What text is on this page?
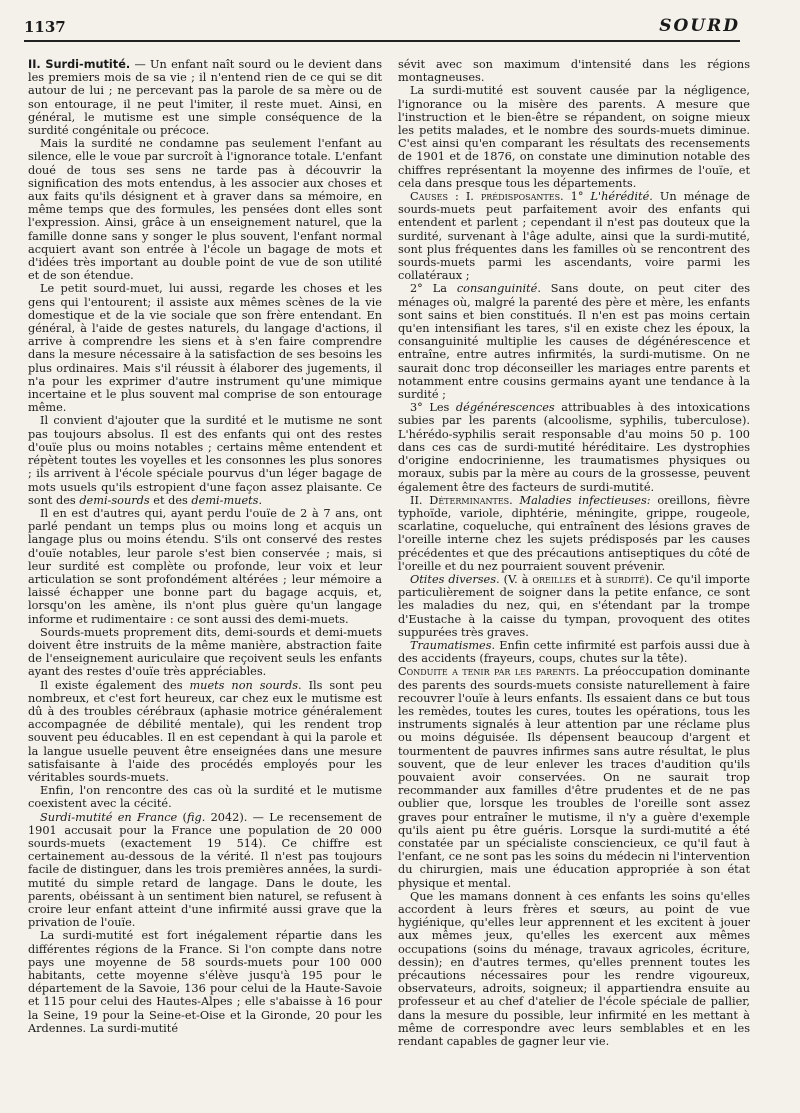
1137	SOURD

II. Surdi-mutité. — Un enfant naît sourd ou le devient dans les premiers mois de sa vie ; il n'entend rien de ce qui se dit autour de lui ; ne percevant pas la parole de sa mère ou de son entourage, il ne peut l'imiter, il reste muet. Ainsi, en général, le mutisme est une simple conséquence de la surdité congénitale ou précoce.

Mais la surdité ne condamne pas seulement l'enfant au silence, elle le voue par surcroît à l'ignorance totale. L'enfant doué de tous ses sens ne tarde pas à découvrir la signification des mots entendus, à les associer aux choses et aux faits qu'ils désignent et à graver dans sa mémoire, en même temps que des formules, les pensées dont elles sont l'expression. Ainsi, grâce à un enseignement naturel, que la famille donne sans y songer le plus souvent, l'enfant normal acquiert avant son entrée à l'école un bagage de mots et d'idées très important au double point de vue de son utilité et de son étendue.

Le petit sourd-muet, lui aussi, regarde les choses et les gens qui l'entourent; il assiste aux mêmes scènes de la vie domestique et de la vie sociale que son frère entendant. En général, à l'aide de gestes naturels, du langage d'actions, il arrive à comprendre les siens et à s'en faire comprendre dans la mesure nécessaire à la satisfaction de ses besoins les plus ordinaires. Mais s'il réussit à élaborer des jugements, il n'a pour les exprimer d'autre instrument qu'une mimique incertaine et le plus souvent mal comprise de son entourage même.

Il convient d'ajouter que la surdité et le mutisme ne sont pas toujours absolus. Il est des enfants qui ont des restes d'ouïe plus ou moins notables ; certains même entendent et répètent toutes les voyelles et les consonnes les plus sonores ; ils arrivent à l'école spéciale pourvus d'un léger bagage de mots usuels qu'ils estropient d'une façon assez plaisante. Ce sont des demi-sourds et des demi-muets.

Il en est d'autres qui, ayant perdu l'ouïe de 2 à 7 ans, ont parlé pendant un temps plus ou moins long et acquis un langage plus ou moins étendu. S'ils ont conservé des restes d'ouïe notables, leur parole s'est bien conservée ; mais, si leur surdité est complète ou profonde, leur voix et leur articulation se sont profondément altérées ; leur mémoire a laissé échapper une bonne part du bagage acquis, et, lorsqu'on les amène, ils n'ont plus guère qu'un langage informe et rudimentaire : ce sont aussi des demi-muets.

Sourds-muets proprement dits, demi-sourds et demi-muets doivent être instruits de la même manière, abstraction faite de l'enseignement auriculaire que reçoivent seuls les enfants ayant des restes d'ouïe très appréciables.

Il existe également des muets non sourds. Ils sont peu nombreux, et c'est fort heureux, car chez eux le mutisme est dû à des troubles cérébraux (aphasie motrice généralement accompagnée de débilité mentale), qui les rendent trop souvent peu éducables. Il en est cependant à qui la parole et la langue usuelle peuvent être enseignées dans une mesure satisfaisante à l'aide des procédés employés pour les véritables sourds-muets.

Enfin, l'on rencontre des cas où la surdité et le mutisme coexistent avec la cécité.

Surdi-mutité en France (fig. 2042). — Le recensement de 1901 accusait pour la France une population de 20 000 sourds-muets (exactement 19 514). Ce chiffre est certainement au-dessous de la vérité. Il n'est pas toujours facile de distinguer, dans les trois premières années, la surdi-mutité du simple retard de langage. Dans le doute, les parents, obéissant à un sentiment bien naturel, se refusent à croire leur enfant atteint d'une infirmité aussi grave que la privation de l'ouïe.

La surdi-mutité est fort inégalement répartie dans les différentes régions de la France. Si l'on compte dans notre pays une moyenne de 58 sourds-muets pour 100 000 habitants, cette moyenne s'élève jusqu'à 195 pour le département de la Savoie, 136 pour celui de la Haute-Savoie et 115 pour celui des Hautes-Alpes ; elle s'abaisse à 16 pour la Seine, 19 pour la Seine-et-Oise et la Gironde, 20 pour les Ardennes. La surdi-mutité

sévit avec son maximum d'intensité dans les régions montagneuses.

La surdi-mutité est souvent causée par la négligence, l'ignorance ou la misère des parents. A mesure que l'instruction et le bien-être se répandent, on soigne mieux les petits malades, et le nombre des sourds-muets diminue. C'est ainsi qu'en comparant les résultats des recensements de 1901 et de 1876, on constate une diminution notable des chiffres représentant la moyenne des infirmes de l'ouïe, et cela dans presque tous les départements.

Causes : I. prédisposantes. 1° L'hérédité. Un ménage de sourds-muets peut parfaitement avoir des enfants qui entendent et parlent ; cependant il n'est pas douteux que la surdité, survenant à l'âge adulte, ainsi que la surdi-mutité, sont plus fréquentes dans les familles où se rencontrent des sourds-muets parmi les ascendants, voire parmi les collatéraux ;

2° La consanguinité. Sans doute, on peut citer des ménages où, malgré la parenté des père et mère, les enfants sont sains et bien constitués. Il n'en est pas moins certain qu'en intensifiant les tares, s'il en existe chez les époux, la consanguinité multiplie les causes de dégénérescence et entraîne, entre autres infirmités, la surdi-mutisme. On ne saurait donc trop déconseiller les mariages entre parents et notamment entre cousins germains ayant une tendance à la surdité ;

3° Les dégénérescences attribuables à des intoxications subies par les parents (alcoolisme, syphilis, tuberculose). L'hérédo-syphilis serait responsable d'au moins 50 p. 100 dans ces cas de surdi-mutité héréditaire. Les dystrophies d'origine endocrinienne, les traumatismes physiques ou moraux, subis par la mère au cours de la grossesse, peuvent également être des facteurs de surdi-mutité.

II. Déterminantes. Maladies infectieuses: oreillons, fièvre typhoïde, variole, diphtérie, méningite, grippe, rougeole, scarlatine, coqueluche, qui entraînent des lésions graves de l'oreille interne chez les sujets prédisposés par les causes précédentes et que des précautions antiseptiques du côté de l'oreille et du nez pourraient souvent prévenir.

Otites diverses. (V. à oreilles et à surdité). Ce qu'il importe particulièrement de soigner dans la petite enfance, ce sont les maladies du nez, qui, en s'étendant par la trompe d'Eustache à la caisse du tympan, provoquent des otites suppurées très graves.

Traumatismes. Enfin cette infirmité est parfois aussi due à des accidents (frayeurs, coups, chutes sur la tête).

Conduite a tenir par les parents. La préoccupation dominante des parents des sourds-muets consiste naturellement à faire recouvrer l'ouïe à leurs enfants. Ils essaient dans ce but tous les remèdes, toutes les cures, toutes les opérations, tous les instruments signalés à leur attention par une réclame plus ou moins déguisée. Ils dépensent beaucoup d'argent et tourmentent de pauvres infirmes sans autre résultat, le plus souvent, que de leur enlever les traces d'audition qu'ils pouvaient avoir conservées. On ne saurait trop recommander aux familles d'être prudentes et de ne pas oublier que, lorsque les troubles de l'oreille sont assez graves pour entraîner le mutisme, il n'y a guère d'exemple qu'ils aient pu être guéris. Lorsque la surdi-mutité a été constatée par un spécialiste consciencieux, ce qu'il faut à l'enfant, ce ne sont pas les soins du médecin ni l'intervention du chirurgien, mais une éducation appropriée à son état physique et mental.

Que les mamans donnent à ces enfants les soins qu'elles accordent à leurs frères et sœurs, au point de vue hygiénique, qu'elles leur apprennent et les excitent à jouer aux mêmes jeux, qu'elles les exercent aux mêmes occupations (soins du ménage, travaux agricoles, écriture, dessin); en d'autres termes, qu'elles prennent toutes les précautions nécessaires pour les rendre vigoureux, observateurs, adroits, soigneux; il appartiendra ensuite au professeur et au chef d'atelier de l'école spéciale de pallier, dans la mesure du possible, leur infirmité en les mettant à même de correspondre avec leurs semblables et en les rendant capables de gagner leur vie.
